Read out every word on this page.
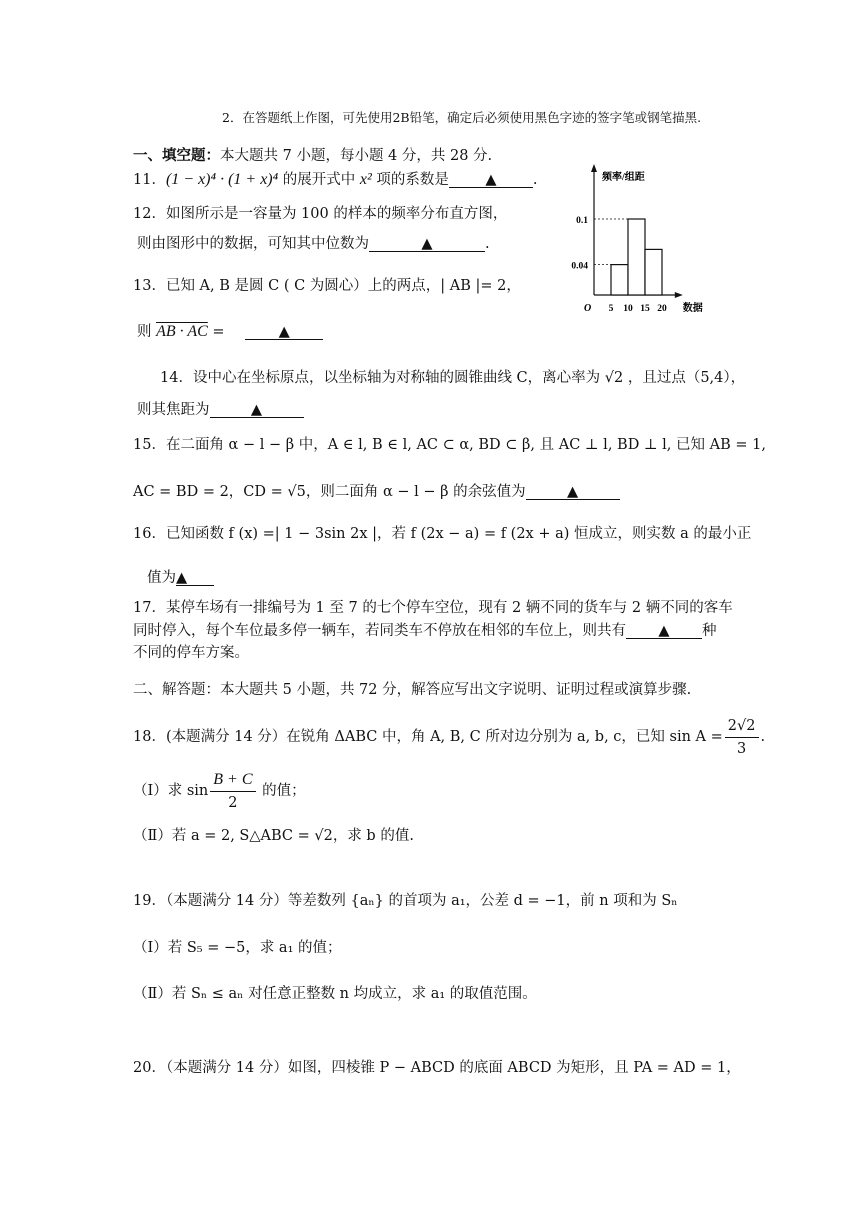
2．在答题纸上作图，可先使用2B铅笔，确定后必须使用黑色字迹的签字笔或钢笔描黑.
一、填空题：本大题共 7 小题，每小题 4 分，共 28 分.
11．(1 − x)⁴ · (1 + x)⁴ 的展开式中 x² 项的系数是	▲	.
12．如图所示是一容量为 100 的样本的频率分布直方图，
则由图形中的数据，可知其中位数为	▲	.
13．已知 A, B 是圆 C ( C 为圆心）上的两点，| AB |= 2，
则 AB · AC =	▲
14．设中心在坐标原点，以坐标轴为对称轴的圆锥曲线 C，离心率为 √2 ，且过点（5,4），
则其焦距为	▲
15．在二面角 α − l − β 中，A ∈ l, B ∈ l, AC ⊂ α, BD ⊂ β, 且 AC ⊥ l, BD ⊥ l, 已知 AB = 1,
AC = BD = 2，CD = √5，则二面角 α − l − β 的余弦值为	▲
16．已知函数 f (x) =| 1 − 3sin 2x |，若 f (2x − a) = f (2x + a) 恒成立，则实数 a 的最小正
值为▲
17．某停车场有一排编号为 1 至 7 的七个停车空位，现有 2 辆不同的货车与 2 辆不同的客车
同时停入，每个车位最多停一辆车，若同类车不停放在相邻的车位上，则共有 ▲ 种
不同的停车方案。
二、解答题：本大题共 5 小题，共 72 分，解答应写出文字说明、证明过程或演算步骤.
18．(本题满分 14 分）在锐角 ΔABC 中，角 A, B, C 所对边分别为 a, b, c，已知 $\sin A = \frac{2√2}{3}$ .
（Ⅰ）求 $\sin \frac{B + C}{2}$ 的值；
（Ⅱ）若 a = 2, S△ABC = √2，求 b 的值.
19．（本题满分 14 分）等差数列 {aₙ} 的首项为 a₁，公差 d = −1，前 n 项和为 Sₙ
（Ⅰ）若 S₅ = −5，求 a₁ 的值；
（Ⅱ）若 Sₙ ≤ aₙ 对任意正整数 n 均成立，求 a₁ 的取值范围。
20．（本题满分 14 分）如图，四棱锥 P − ABCD 的底面 ABCD 为矩形，且 PA = AD = 1，
频率/组距
数据
O
0.04
0.1
5 10 15 20
